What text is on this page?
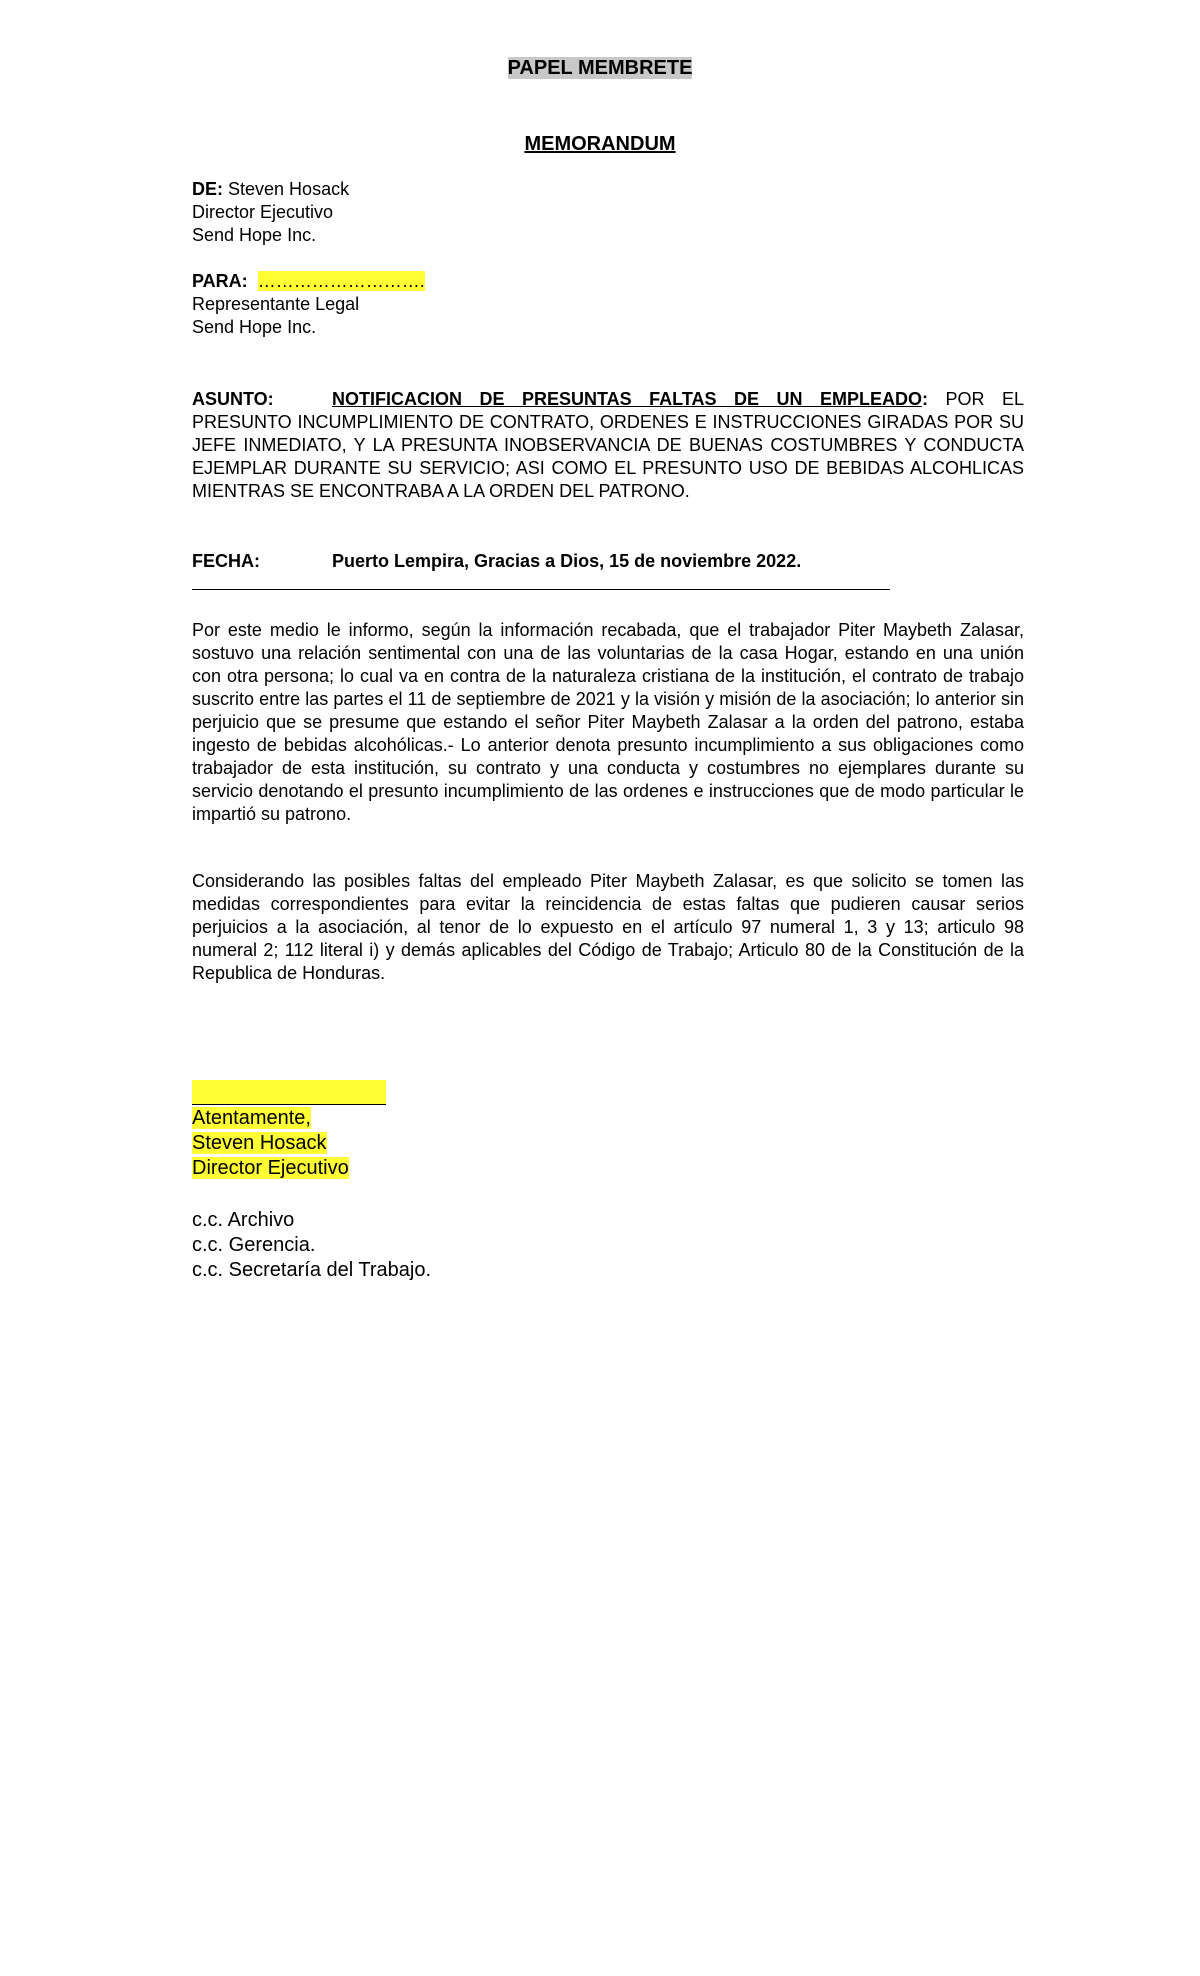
PAPEL MEMBRETE
MEMORANDUM
DE: Steven Hosack
Director Ejecutivo
Send Hope Inc.
PARA: ……………………….
Representante Legal
Send Hope Inc.
ASUNTO:	NOTIFICACION DE PRESUNTAS FALTAS DE UN EMPLEADO: POR EL PRESUNTO INCUMPLIMIENTO DE CONTRATO, ORDENES E INSTRUCCIONES GIRADAS POR SU JEFE INMEDIATO, Y LA PRESUNTA INOBSERVANCIA DE BUENAS COSTUMBRES Y CONDUCTA EJEMPLAR DURANTE SU SERVICIO; ASI COMO EL PRESUNTO USO DE BEBIDAS ALCOHLICAS MIENTRAS SE ENCONTRABA A LA ORDEN DEL PATRONO.
FECHA:	Puerto Lempira, Gracias a Dios, 15 de noviembre 2022.
Por este medio le informo, según la información recabada, que el trabajador Piter Maybeth Zalasar, sostuvo una relación sentimental con una de las voluntarias de la casa Hogar, estando en una unión con otra persona; lo cual va en contra de la naturaleza cristiana de la institución, el contrato de trabajo suscrito entre las partes el 11 de septiembre de 2021 y la visión y misión de la asociación; lo anterior sin perjuicio que se presume que estando el señor Piter Maybeth Zalasar a la orden del patrono, estaba ingesto de bebidas alcohólicas.- Lo anterior denota presunto incumplimiento a sus obligaciones como trabajador de esta institución, su contrato y una conducta y costumbres no ejemplares durante su servicio denotando el presunto incumplimiento de las ordenes e instrucciones que de modo particular le impartió su patrono.
Considerando las posibles faltas del empleado Piter Maybeth Zalasar, es que solicito se tomen las medidas correspondientes para evitar la reincidencia de estas faltas que pudieren causar serios perjuicios a la asociación, al tenor de lo expuesto en el artículo 97 numeral 1, 3 y 13; articulo 98 numeral 2; 112 literal i) y demás aplicables del Código de Trabajo; Articulo 80 de la Constitución de la Republica de Honduras.
Atentamente,
Steven Hosack
Director Ejecutivo
c.c. Archivo
c.c. Gerencia.
c.c. Secretaría del Trabajo.
